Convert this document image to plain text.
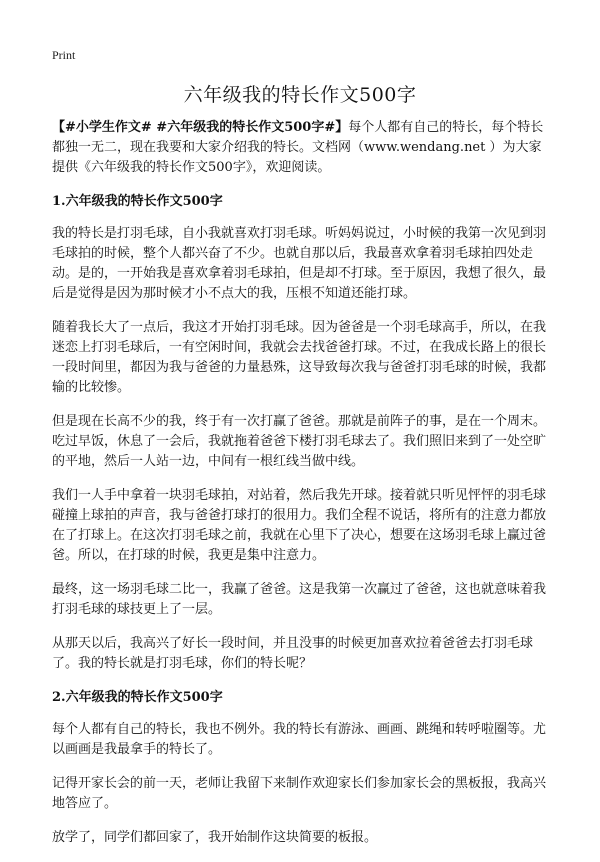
Print
六年级我的特长作文500字

【#小学生作文# #六年级我的特长作文500字#】每个人都有自己的特长，每个特长都独一无二，现在我要和大家介绍我的特长。文档网（www.wendang.net ）为大家提供《六年级我的特长作文500字》，欢迎阅读。

1.六年级我的特长作文500字

我的特长是打羽毛球，自小我就喜欢打羽毛球。听妈妈说过，小时候的我第一次见到羽毛球拍的时候，整个人都兴奋了不少。也就自那以后，我最喜欢拿着羽毛球拍四处走动。是的，一开始我是喜欢拿着羽毛球拍，但是却不打球。至于原因，我想了很久，最后是觉得是因为那时候才小不点大的我，压根不知道还能打球。

随着我长大了一点后，我这才开始打羽毛球。因为爸爸是一个羽毛球高手，所以，在我迷恋上打羽毛球后，一有空闲时间，我就会去找爸爸打球。不过，在我成长路上的很长一段时间里，都因为我与爸爸的力量悬殊，这导致每次我与爸爸打羽毛球的时候，我都输的比较惨。

但是现在长高不少的我，终于有一次打赢了爸爸。那就是前阵子的事，是在一个周末。吃过早饭，休息了一会后，我就拖着爸爸下楼打羽毛球去了。我们照旧来到了一处空旷的平地，然后一人站一边，中间有一根红线当做中线。

我们一人手中拿着一块羽毛球拍，对站着，然后我先开球。接着就只听见怦怦的羽毛球碰撞上球拍的声音，我与爸爸打球打的很用力。我们全程不说话，将所有的注意力都放在了打球上。在这次打羽毛球之前，我就在心里下了决心，想要在这场羽毛球上赢过爸爸。所以，在打球的时候，我更是集中注意力。

最终，这一场羽毛球二比一，我赢了爸爸。这是我第一次赢过了爸爸，这也就意味着我打羽毛球的球技更上了一层。

从那天以后，我高兴了好长一段时间，并且没事的时候更加喜欢拉着爸爸去打羽毛球了。我的特长就是打羽毛球，你们的特长呢？

2.六年级我的特长作文500字

每个人都有自己的特长，我也不例外。我的特长有游泳、画画、跳绳和转呼啦圈等。尤以画画是我最拿手的特长了。

记得开家长会的前一天，老师让我留下来制作欢迎家长们参加家长会的黑板报，我高兴地答应了。

放学了，同学们都回家了，我开始制作这块简要的板报。
